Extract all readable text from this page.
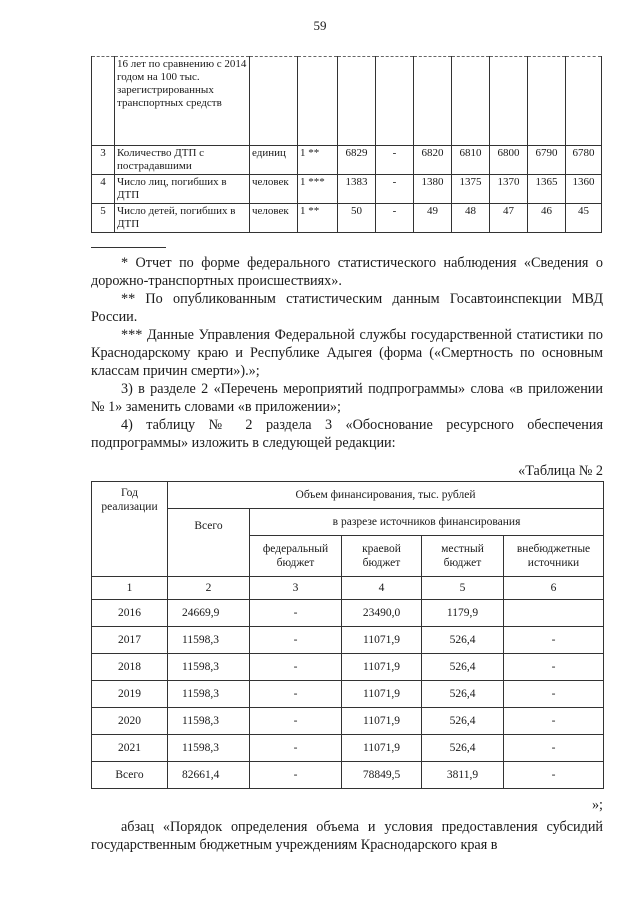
59
	16 лет по сравнению с 2014 годом на 100 тыс. зарегистрированных транспортных средств									
3	Количество ДТП с пострадавшими	единиц	1 **	6829	-	6820	6810	6800	6790	6780
4	Число лиц, погибших в ДТП	человек	1 ***	1383	-	1380	1375	1370	1365	1360
5	Число детей, погибших в ДТП	человек	1 **	50	-	49	48	47	46	45

* Отчет по форме федерального статистического наблюдения «Сведения о дорожно-транспортных происшествиях».

** По опубликованным статистическим данным Госавтоинспекции МВД России.

*** Данные Управления Федеральной службы государственной статистики по Краснодарскому краю и Республике Адыгея (форма («Смертность по основным классам причин смерти»).»;

3) в разделе 2 «Перечень мероприятий подпрограммы» слова «в приложении № 1» заменить словами «в приложении»;

4) таблицу № 2 раздела 3 «Обоснование ресурсного обеспечения подпрограммы» изложить в следующей редакции:

«Таблица № 2

Год реализации	Объем финансирования, тыс. рублей				
	Всего	в разрезе источников финансирования			
		федеральный бюджет	краевой бюджет	местный бюджет	внебюджетные источники
1	2	3	4	5	6
2016	24669,9	-	23490,0	1179,9	
2017	11598,3	-	11071,9	526,4	-
2018	11598,3	-	11071,9	526,4	-
2019	11598,3	-	11071,9	526,4	-
2020	11598,3	-	11071,9	526,4	-
2021	11598,3	-	11071,9	526,4	-
Всего	82661,4	-	78849,5	3811,9	-

»;

абзац «Порядок определения объема и условия предоставления субсидий государственным бюджетным учреждениям Краснодарского края в
